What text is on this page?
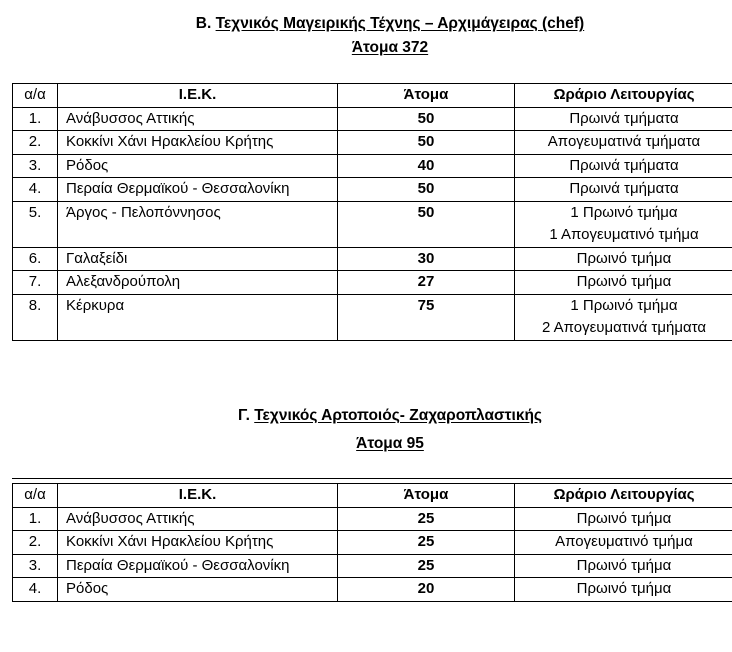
Β. Τεχνικός Μαγειρικής Τέχνης – Αρχιμάγειρας (chef)
Άτομα 372
α/α	Ι.Ε.Κ.	Άτομα	Ωράριο Λειτουργίας
1.	Ανάβυσσος Αττικής	50	Πρωινά τμήματα

2.	Κοκκίνι Χάνι Ηρακλείου Κρήτης	50	Απογευματινά τμήματα

3.	Ρόδος	40	Πρωινά τμήματα

4.	Περαία Θερμαϊκού - Θεσσαλονίκη	50	Πρωινά τμήματα

5.	Άργος - Πελοπόννησος	50	1 Πρωινό τμήμα
1 Απογευματινό τμήμα

6.	Γαλαξείδι	30	Πρωινό τμήμα

7.	Αλεξανδρούπολη	27	Πρωινό τμήμα

8.	Κέρκυρα	75	1 Πρωινό τμήμα
2 Απογευματινά τμήματα
Γ. Τεχνικός Αρτοποιός- Ζαχαροπλαστικής
Άτομα 95
α/α	Ι.Ε.Κ.	Άτομα	Ωράριο Λειτουργίας
1.	Ανάβυσσος Αττικής	25	Πρωινό τμήμα

2.	Κοκκίνι Χάνι Ηρακλείου Κρήτης	25	Απογευματινό τμήμα

3.	Περαία Θερμαϊκού - Θεσσαλονίκη	25	Πρωινό τμήμα

4.	Ρόδος	20	Πρωινό τμήμα
